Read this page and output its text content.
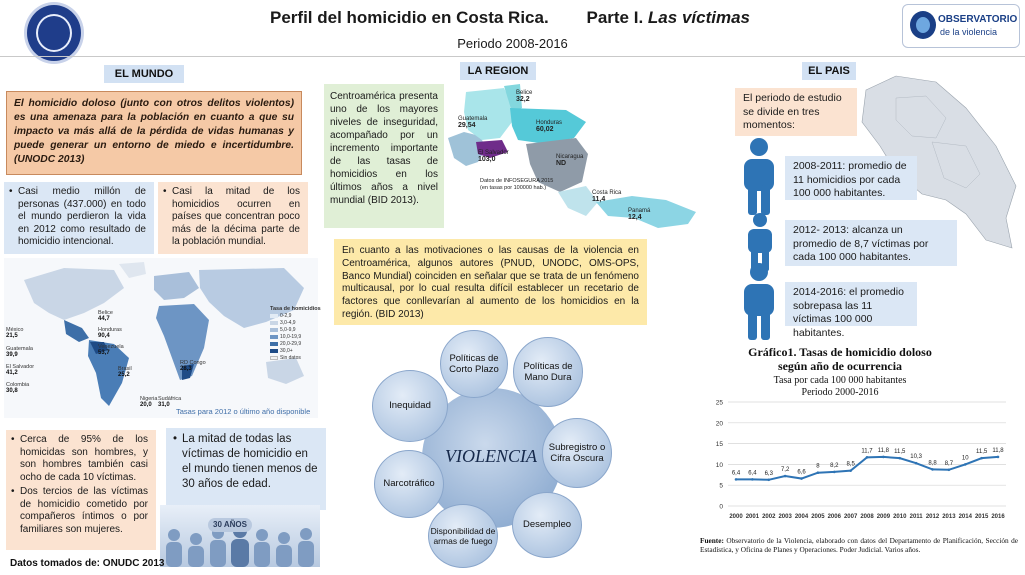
Perfil del homicidio en Costa Rica. Parte I. Las víctimas
Periodo 2008-2016
OBSERVATORIO
de la violencia
EL MUNDO
El homicidio doloso (junto con otros delitos violentos) es una amenaza para la población en cuanto a que su impacto va más allá de la pérdida de vidas humanas y puede generar un entorno de miedo e incertidumbre.(UNODC 2013)
• Casi medio millón de personas (437.000) en todo el mundo perdieron la vida en 2012 como resultado de homicidio intencional.
• Casi la mitad de los homicidios ocurren en países que concentran poco más de la décima parte de la población mundial.
Tasa de homicidios
0-2,9
3,0-4,9
5,0-9,9
10,0-19,9
20,0-29,9
30,0+
Sin datos
México
21,5
Guatemala
39,9
El Salvador
41,2
Colombia
30,8
Belice
44,7
Venezuela
53,7
Honduras
90,4
Brasil
25,2
RD Congo
28,3
Nigeria
20,0
Sudáfrica
31,0
Tasas para 2012 o último año disponible
• Cerca de 95% de los homicidas son hombres, y son hombres también casi ocho de cada 10 víctimas.
• Dos tercios de las víctimas de homicidio cometido por compañeros íntimos o por familiares son mujeres.
• La mitad de todas las víctimas de homicidio en el mundo tienen menos de 30 años de edad.
30 AÑOS
Datos tomados de: ONUDC 2013
LA REGION
Centroamérica presenta uno de los mayores niveles de inseguridad, acompañado por un incremento importante de las tasas de homicidios en los últimos años a nivel mundial (BID 2013).
Belice
32,2
Guatemala
29,54	Honduras
60,02
El Salvador
103,0	Nicaragua
ND
Costa Rica
11,4
Panamá
12,4
Datos de INFOSEGURA 2015 (en tasas por 100000 hab.)
En cuanto a las motivaciones o las causas de la violencia en Centroamérica, algunos autores (PNUD, UNODC, OMS-OPS, Banco Mundial) coinciden en señalar que se trata de un fenómeno multicausal, por lo cual resulta difícil establecer un recetario de factores que conllevarían al aumento de los homicidios en la región. (BID 2013)
VIOLENCIA
Políticas de Corto Plazo	Políticas de Mano Dura
Subregistro o Cifra Oscura
Desempleo
Disponibilidad de armas de fuego
Narcotráfico
Inequidad
EL PAIS
El periodo de estudio se divide en tres momentos:
2008-2011: promedio de 11 homicidios por cada 100 000 habitantes.
2012- 2013: alcanza un promedio de 8,7 víctimas por cada 100 000 habitantes.
2014-2016: el promedio sobrepasa las 11 víctimas 100 000 habitantes.
Gráfico1. Tasas de homicidio doloso según año de ocurrencia
Tasa por cada 100 000 habitantes
Periodo 2000-2016
0
5
10
15
20
25
2000 2001 2002 2003 2004 2005 2006 2007 2008 2009 2010 2011 2012 2013 2014 2015 2016
6,4 6,4 6,3
7,2 6,6
8 8,2 8,5
11,7 11,8 11,5
10,3
8,8 8,7
10
11,5 11,8
Fuente: Observatorio de la Violencia, elaborado con datos del Departamento de Planificación, Sección de Estadística, y Oficina de Planes y Operaciones. Poder Judicial. Varios años.
